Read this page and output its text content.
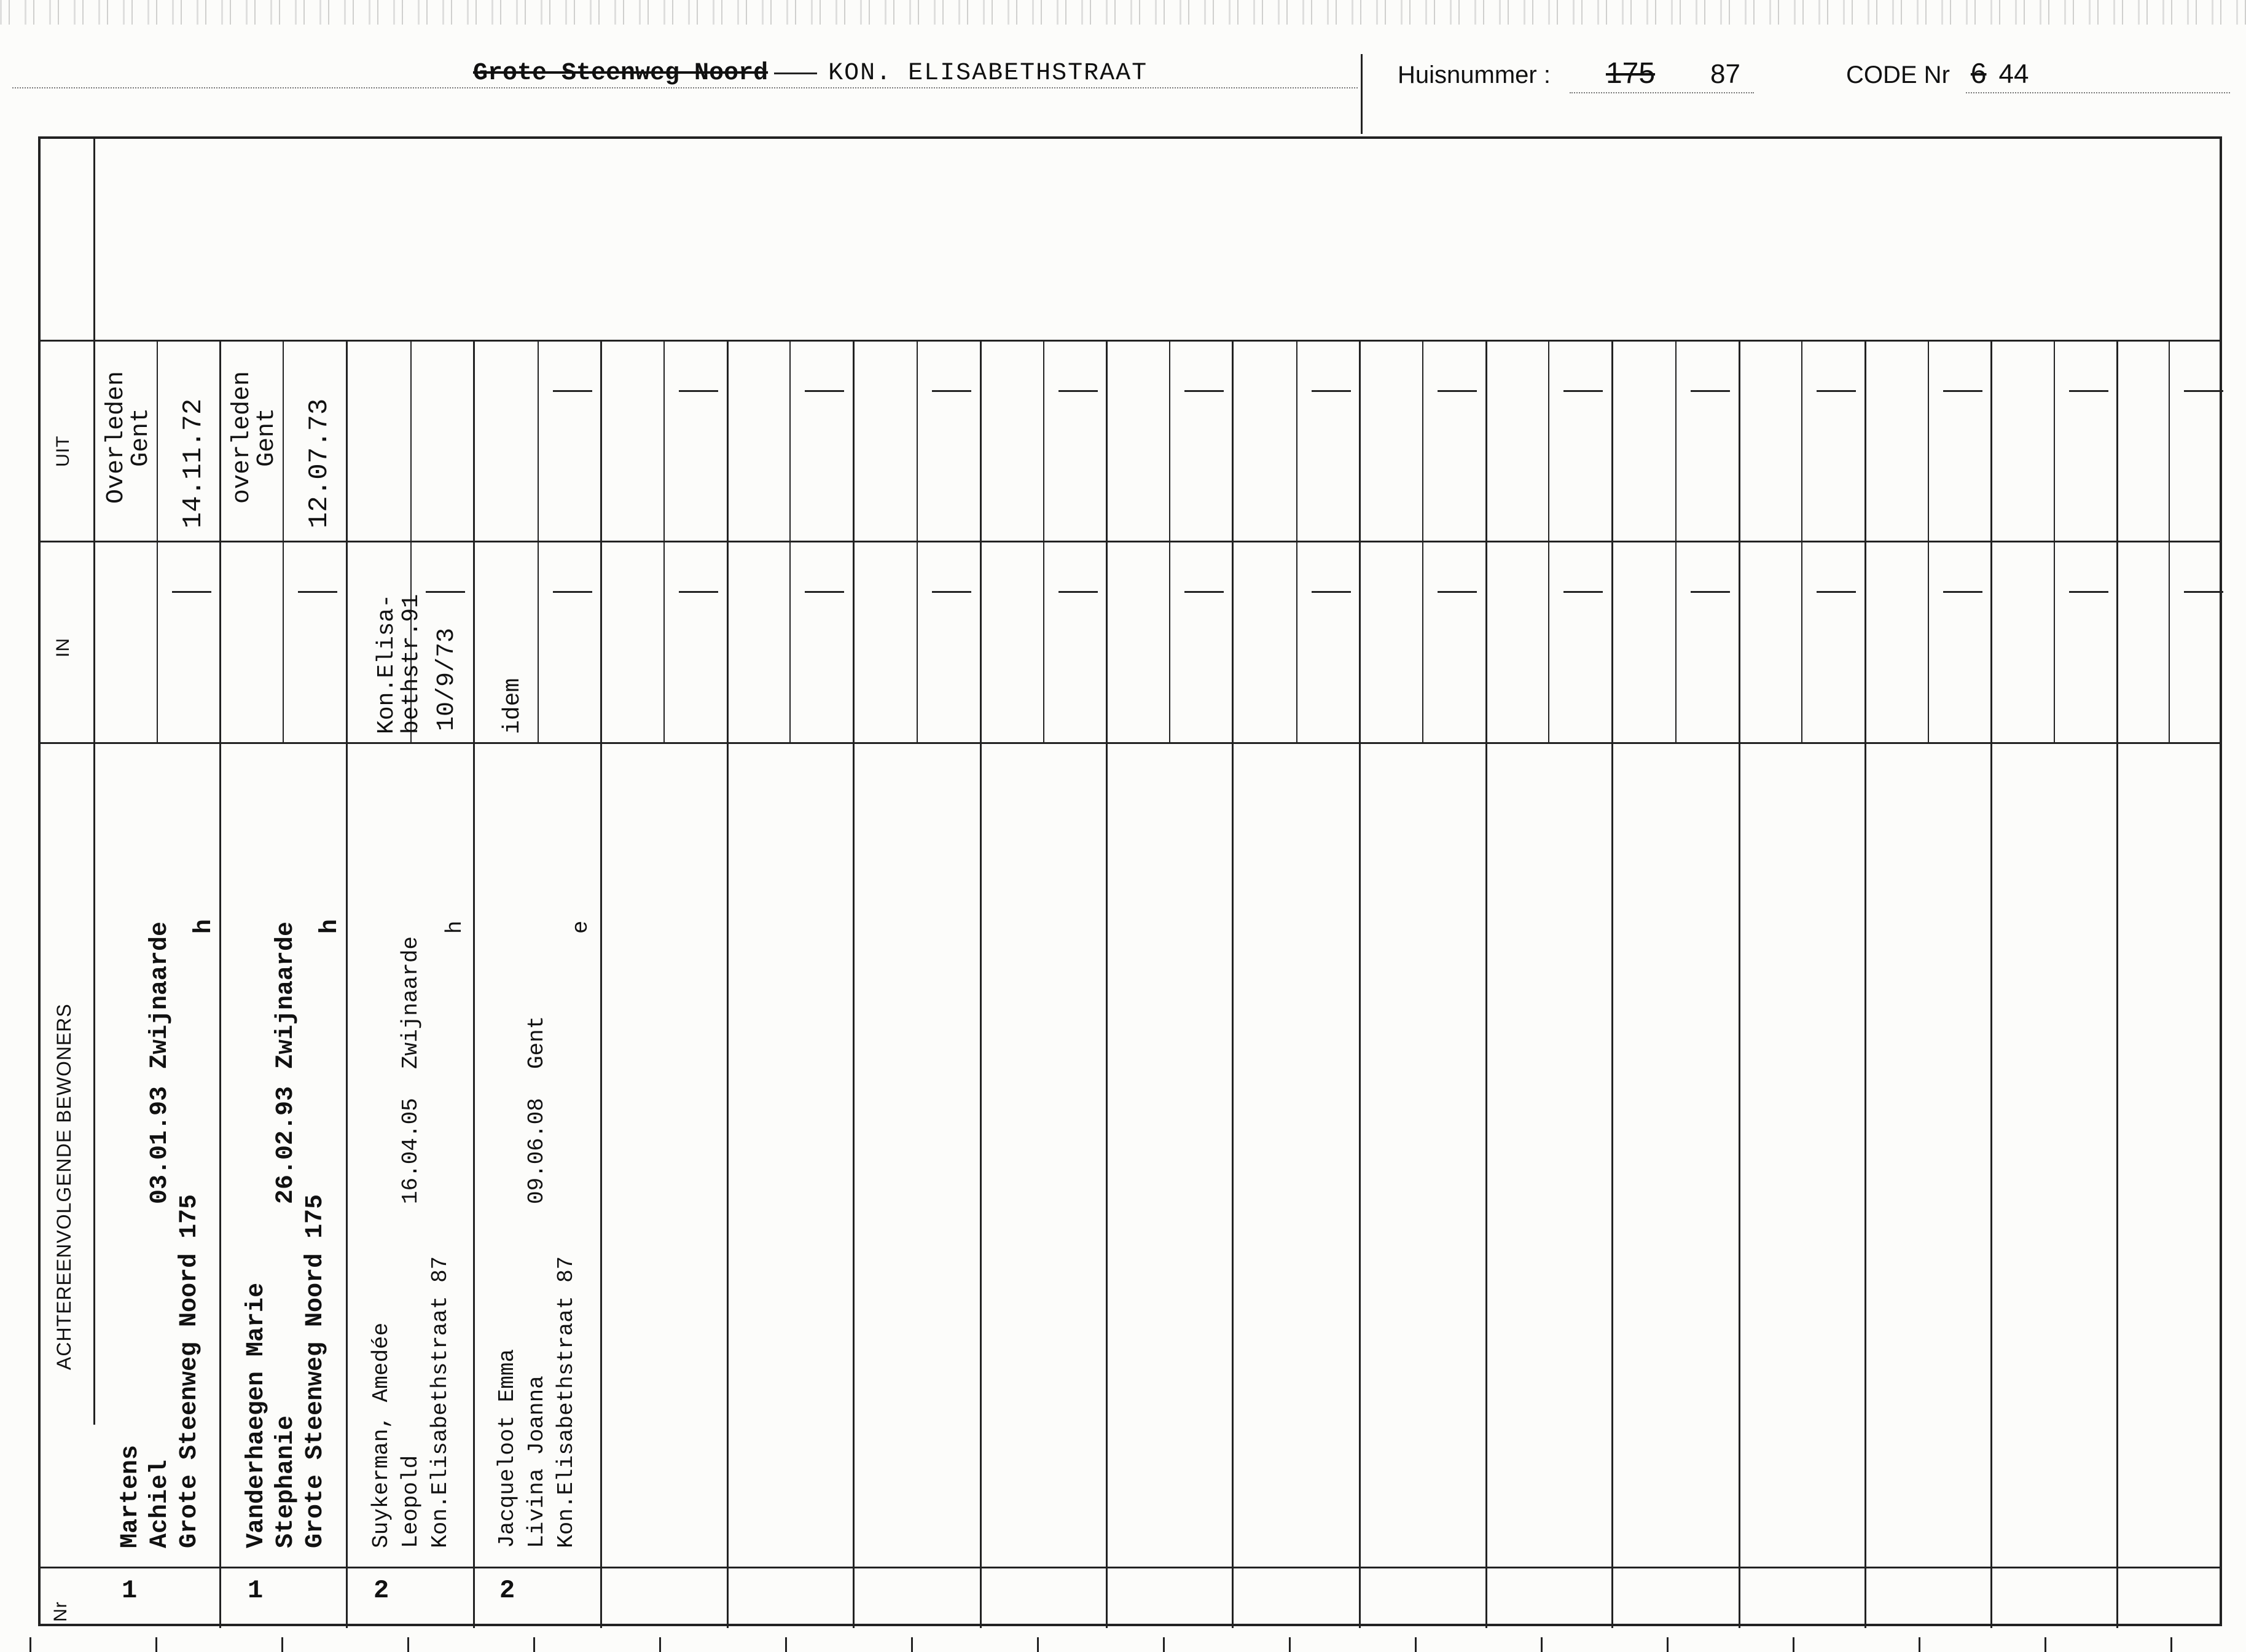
Grote Steenweg Noord KON. ELISABETHSTRAAT	Huisnummer : 175 87	CODE Nr 6 44
Nr
ACHTEREENVOLGENDE BEWONERS
IN
UIT
1
Martens Achiel Grote Steenweg Noord 175
03.01.93
Zwijnaarde h
Overleden Gent 14.11.72
1
Vanderhaegen Marie Stephanie Grote Steenweg Noord 175
26.02.93
Zwijnaarde h
overleden Gent 12.07.73
2
Suykerman, Amedée Leopold Kon.Elisabethstraat 87
16.04.05
Zwijnaarde
h
Kon.Elisa-bethstr.91 10/9/73
2
Jacqueloot Emma Livina Joanna Kon.Elisabethstraat 87
09.06.08
Gent
e
idem
